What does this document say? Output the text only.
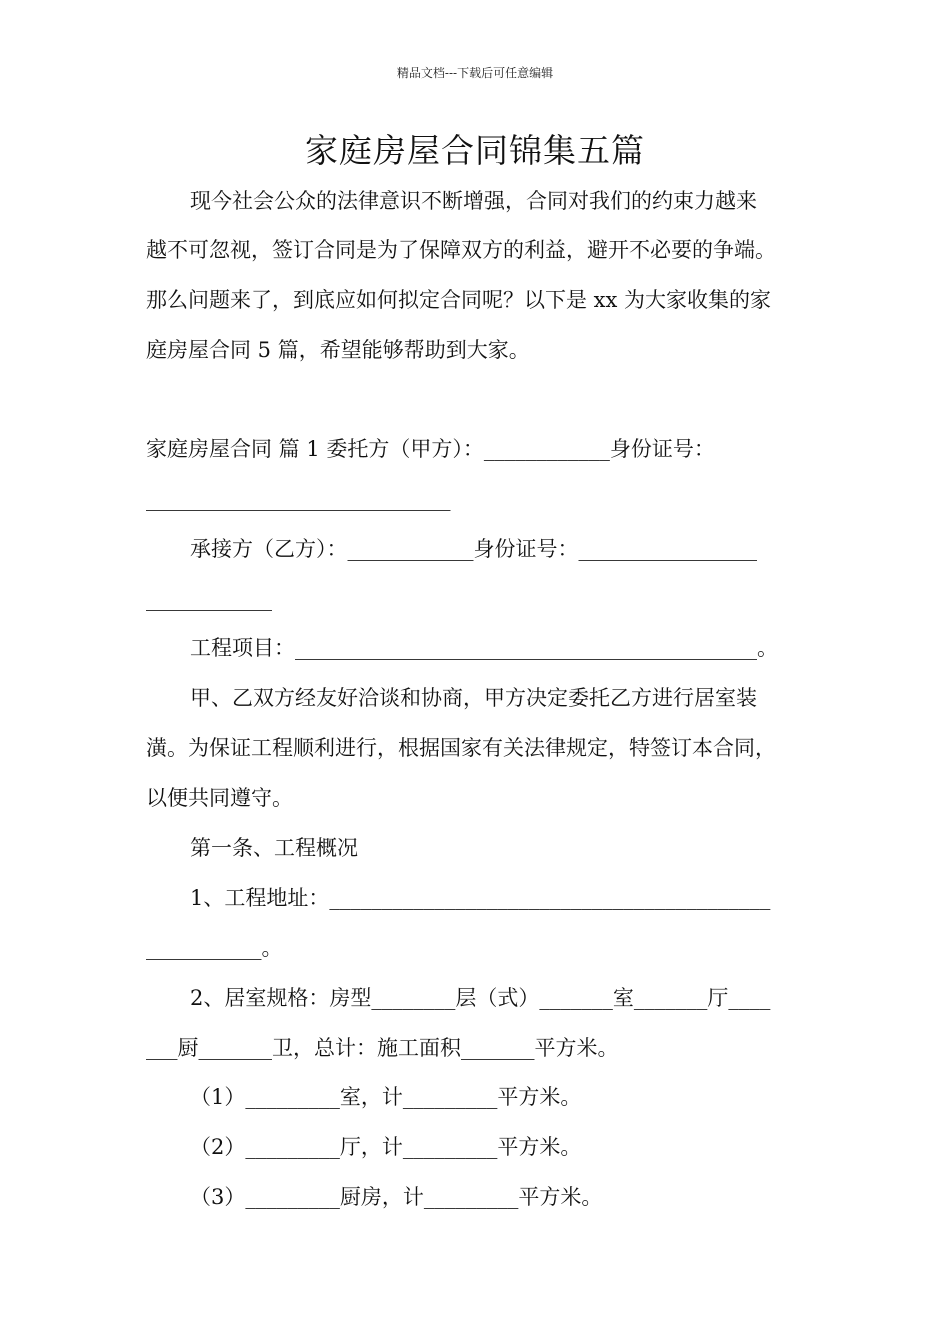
精品文档---下载后可任意编辑
家庭房屋合同锦集五篇
现今社会公众的法律意识不断增强，合同对我们的约束力越来
越不可忽视，签订合同是为了保障双方的利益，避开不必要的争端。
那么问题来了，到底应如何拟定合同呢？以下是 xx 为大家收集的家
庭房屋合同 5 篇，希望能够帮助到大家。
家庭房屋合同 篇 1 委托方（甲方）：____________身份证号：
_____________________________
承接方（乙方）：____________身份证号：_________________
____________
工程项目：____________________________________________。
甲、乙双方经友好洽谈和协商，甲方决定委托乙方进行居室装
潢。为保证工程顺利进行，根据国家有关法律规定，特签订本合同，
以便共同遵守。
第一条、工程概况
1、工程地址：__________________________________________
___________。
2、居室规格：房型________层（式）_______室_______厅____
___厨_______卫，总计：施工面积_______平方米。
（1）_________室，计_________平方米。
（2）_________厅，计_________平方米。
（3）_________厨房，计_________平方米。
